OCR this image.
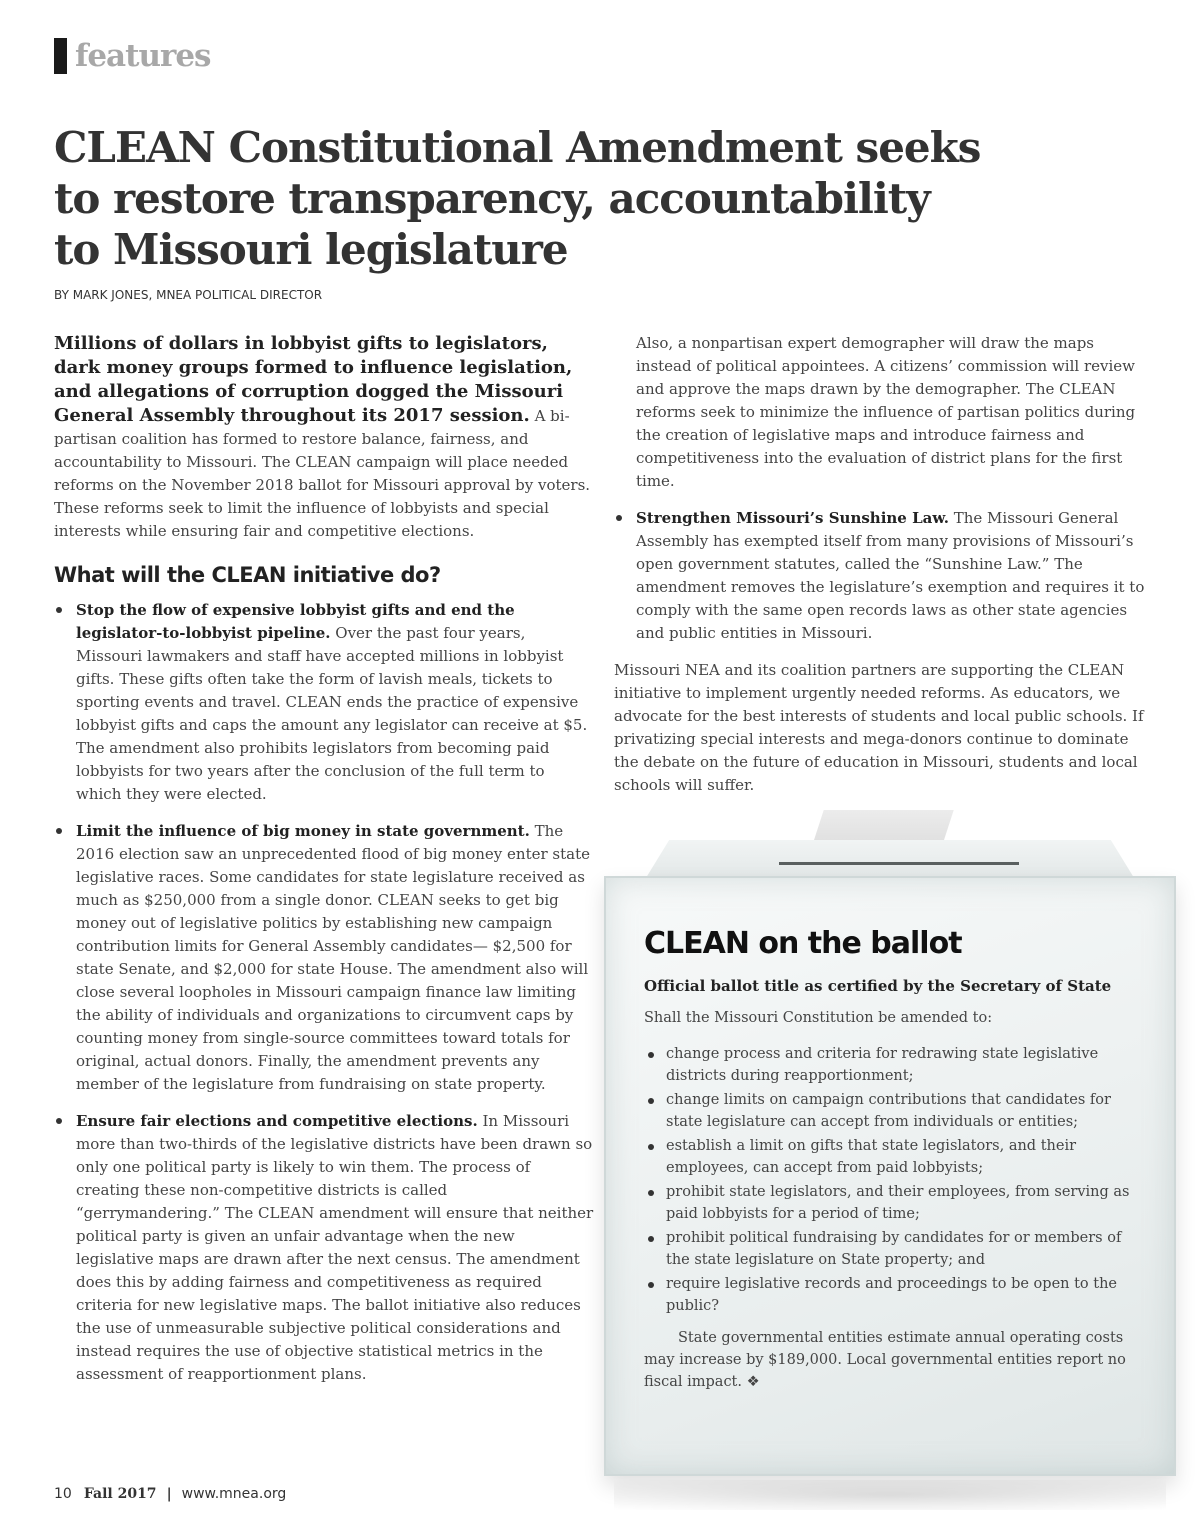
features
CLEAN Constitutional Amendment seeks
to restore transparency, accountability
to Missouri legislature
BY MARK JONES, MNEA POLITICAL DIRECTOR

Millions of dollars in lobbyist gifts to legislators, dark money groups formed to influence legislation, and allegations of corruption dogged the Missouri General Assembly throughout its 2017 session. A bi-partisan coalition has formed to restore balance, fairness, and accountability to Missouri. The CLEAN campaign will place needed reforms on the November 2018 ballot for Missouri approval by voters. These reforms seek to limit the influence of lobbyists and special interests while ensuring fair and competitive elections.

What will the CLEAN initiative do?
Stop the flow of expensive lobbyist gifts and end the legislator-to-lobbyist pipeline. Over the past four years, Missouri lawmakers and staff have accepted millions in lobbyist gifts. These gifts often take the form of lavish meals, tickets to sporting events and travel. CLEAN ends the practice of expensive lobbyist gifts and caps the amount any legislator can receive at $5. The amendment also prohibits legislators from becoming paid lobbyists for two years after the conclusion of the full term to which they were elected.
Limit the influence of big money in state government. The 2016 election saw an unprecedented flood of big money enter state legislative races. Some candidates for state legislature received as much as $250,000 from a single donor. CLEAN seeks to get big money out of legislative politics by establishing new campaign contribution limits for General Assembly candidates— $2,500 for state Senate, and $2,000 for state House. The amendment also will close several loopholes in Missouri campaign finance law limiting the ability of individuals and organizations to circumvent caps by counting money from single-source committees toward totals for original, actual donors. Finally, the amendment prevents any member of the legislature from fundraising on state property.
Ensure fair elections and competitive elections. In Missouri more than two-thirds of the legislative districts have been drawn so only one political party is likely to win them. The process of creating these non-competitive districts is called “gerrymandering.” The CLEAN amendment will ensure that neither political party is given an unfair advantage when the new legislative maps are drawn after the next census. The amendment does this by adding fairness and competitiveness as required criteria for new legislative maps. The ballot initiative also reduces the use of unmeasurable subjective political considerations and instead requires the use of objective statistical metrics in the assessment of reapportionment plans.

Also, a nonpartisan expert demographer will draw the maps instead of political appointees. A citizens’ commission will review and approve the maps drawn by the demographer. The CLEAN reforms seek to minimize the influence of partisan politics during the creation of legislative maps and introduce fairness and competitiveness into the evaluation of district plans for the first time.

Strengthen Missouri’s Sunshine Law. The Missouri General Assembly has exempted itself from many provisions of Missouri’s open government statutes, called the “Sunshine Law.” The amendment removes the legislature’s exemption and requires it to comply with the same open records laws as other state agencies and public entities in Missouri.

Missouri NEA and its coalition partners are supporting the CLEAN initiative to implement urgently needed reforms. As educators, we advocate for the best interests of students and local public schools. If privatizing special interests and mega-donors continue to dominate the debate on the future of education in Missouri, students and local schools will suffer.

CLEAN on the ballot
Official ballot title as certified by the Secretary of State
Shall the Missouri Constitution be amended to:
change process and criteria for redrawing state legislative districts during reapportionment;
change limits on campaign contributions that candidates for state legislature can accept from individuals or entities;
establish a limit on gifts that state legislators, and their employees, can accept from paid lobbyists;
prohibit state legislators, and their employees, from serving as paid lobbyists for a period of time;
prohibit political fundraising by candidates for or members of the state legislature on State property; and
require legislative records and proceedings to be open to the public?

State governmental entities estimate annual operating costs may increase by $189,000. Local governmental entities report no fiscal impact. ❖

10 Fall 2017 | www.mnea.org
